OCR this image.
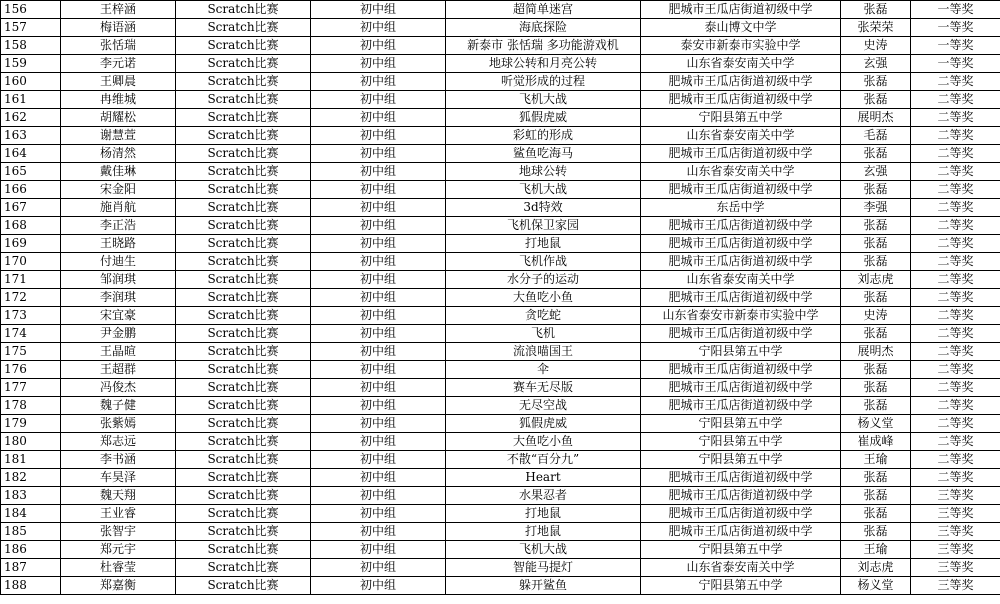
156	王梓涵	Scratch比赛	初中组	超简单迷宫	肥城市王瓜店街道初级中学	张磊	一等奖
157	梅语涵	Scratch比赛	初中组	海底探险	泰山博文中学	张荣荣	一等奖
158	张恬瑞	Scratch比赛	初中组	新泰市 张恬瑞 多功能游戏机	泰安市新泰市实验中学	史涛	一等奖
159	李元诺	Scratch比赛	初中组	地球公转和月亮公转	山东省泰安南关中学	玄强	一等奖
160	王卿晨	Scratch比赛	初中组	听觉形成的过程	肥城市王瓜店街道初级中学	张磊	二等奖
161	冉维城	Scratch比赛	初中组	飞机大战	肥城市王瓜店街道初级中学	张磊	二等奖
162	胡耀松	Scratch比赛	初中组	狐假虎威	宁阳县第五中学	展明杰	二等奖
163	谢慧萱	Scratch比赛	初中组	彩虹的形成	山东省泰安南关中学	毛磊	二等奖
164	杨清然	Scratch比赛	初中组	鲨鱼吃海马	肥城市王瓜店街道初级中学	张磊	二等奖
165	戴佳琳	Scratch比赛	初中组	地球公转	山东省泰安南关中学	玄强	二等奖
166	宋金阳	Scratch比赛	初中组	飞机大战	肥城市王瓜店街道初级中学	张磊	二等奖
167	施肖航	Scratch比赛	初中组	3d特效	东岳中学	李强	二等奖
168	李正浩	Scratch比赛	初中组	飞机保卫家园	肥城市王瓜店街道初级中学	张磊	二等奖
169	王晓路	Scratch比赛	初中组	打地鼠	肥城市王瓜店街道初级中学	张磊	二等奖
170	付迪生	Scratch比赛	初中组	飞机作战	肥城市王瓜店街道初级中学	张磊	二等奖
171	邹润琪	Scratch比赛	初中组	水分子的运动	山东省泰安南关中学	刘志虎	二等奖
172	李润琪	Scratch比赛	初中组	大鱼吃小鱼	肥城市王瓜店街道初级中学	张磊	二等奖
173	宋宜豪	Scratch比赛	初中组	贪吃蛇	山东省泰安市新泰市实验中学	史涛	二等奖
174	尹金鹏	Scratch比赛	初中组	飞机	肥城市王瓜店街道初级中学	张磊	二等奖
175	王晶暄	Scratch比赛	初中组	流浪喵国王	宁阳县第五中学	展明杰	二等奖
176	王超群	Scratch比赛	初中组	伞	肥城市王瓜店街道初级中学	张磊	二等奖
177	冯俊杰	Scratch比赛	初中组	赛车无尽版	肥城市王瓜店街道初级中学	张磊	二等奖
178	魏子健	Scratch比赛	初中组	无尽空战	肥城市王瓜店街道初级中学	张磊	二等奖
179	张紫嫣	Scratch比赛	初中组	狐假虎威	宁阳县第五中学	杨义堂	二等奖
180	郑志远	Scratch比赛	初中组	大鱼吃小鱼	宁阳县第五中学	崔成峰	二等奖
181	李书涵	Scratch比赛	初中组	不散“百分九”	宁阳县第五中学	王瑜	二等奖
182	车昊泽	Scratch比赛	初中组	Heart	肥城市王瓜店街道初级中学	张磊	二等奖
183	魏天翔	Scratch比赛	初中组	水果忍者	肥城市王瓜店街道初级中学	张磊	三等奖
184	王业睿	Scratch比赛	初中组	打地鼠	肥城市王瓜店街道初级中学	张磊	三等奖
185	张智宇	Scratch比赛	初中组	打地鼠	肥城市王瓜店街道初级中学	张磊	三等奖
186	郑元宇	Scratch比赛	初中组	飞机大战	宁阳县第五中学	王瑜	三等奖
187	杜睿莹	Scratch比赛	初中组	智能马提灯	山东省泰安南关中学	刘志虎	三等奖
188	郑嘉衡	Scratch比赛	初中组	躲开鲨鱼	宁阳县第五中学	杨义堂	三等奖
